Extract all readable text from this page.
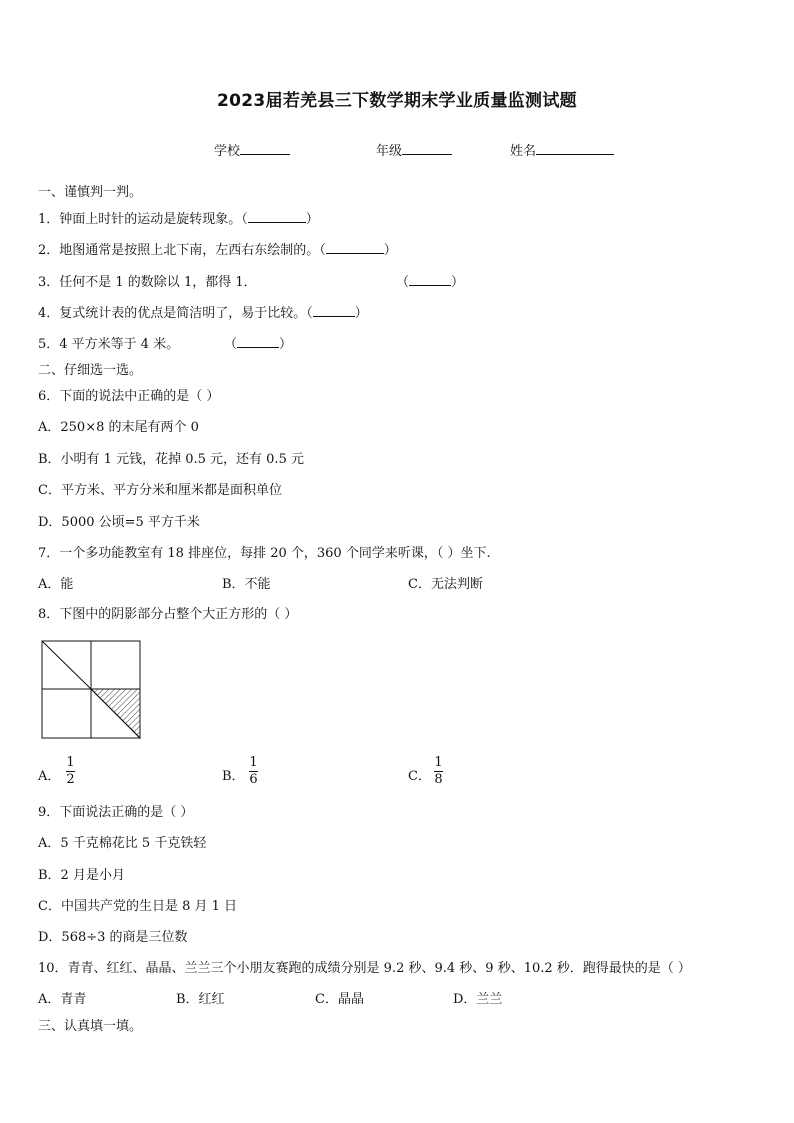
2023届若羌县三下数学期末学业质量监测试题
学校	年级	姓名
一、谨慎判一判。
1．钟面上时针的运动是旋转现象。（	）
2．地图通常是按照上北下南，左西右东绘制的。（	）
3．任何不是 1 的数除以 1，都得 1．	（	）
4．复式统计表的优点是简洁明了，易于比较。（	）
5．4 平方米等于 4 米。	（	）
二、仔细选一选。
6．下面的说法中正确的是（ ）
A．250×8 的末尾有两个 0
B．小明有 1 元钱，花掉 0.5 元，还有 0.5 元
C．平方米、平方分米和厘米都是面积单位
D．5000 公顷=5 平方千米
7．一个多功能教室有 18 排座位，每排 20 个，360 个同学来听课，（ ）坐下.
A．能	B．不能	C．无法判断
8．下图中的阴影部分占整个大正方形的（ ）
A．
1
2	B．
1
6	C．
1
8
9．下面说法正确的是（ ）
A．5 千克棉花比 5 千克铁轻
B．2 月是小月
C．中国共产党的生日是 8 月 1 日
D．568÷3 的商是三位数
10．青青、红红、晶晶、兰兰三个小朋友赛跑的成绩分别是 9.2 秒、9.4 秒、9 秒、10.2 秒．跑得最快的是（ ）
A．青青	B．红红	C．晶晶	D．兰兰
三、认真填一填。
